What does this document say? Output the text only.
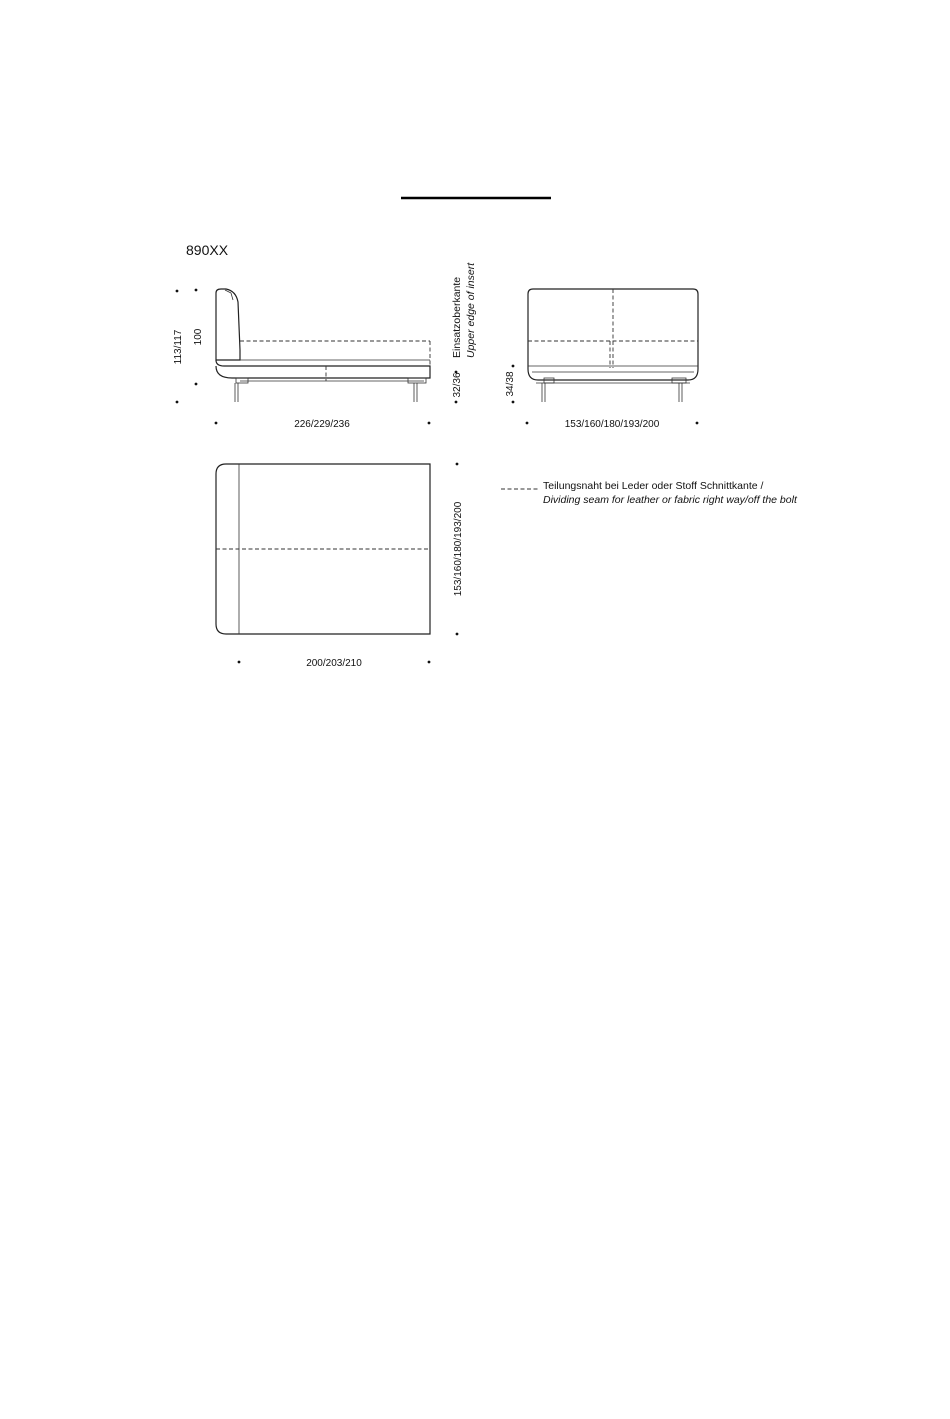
890XX
113/117 100
226/229/236
32/36
Einsatzoberkante Upper edge of insert
34/38
153/160/180/193/200
153/160/180/193/200
200/203/210
Teilungsnaht bei Leder oder Stoff Schnittkante /
Dividing seam for leather or fabric right way/off the bolt
